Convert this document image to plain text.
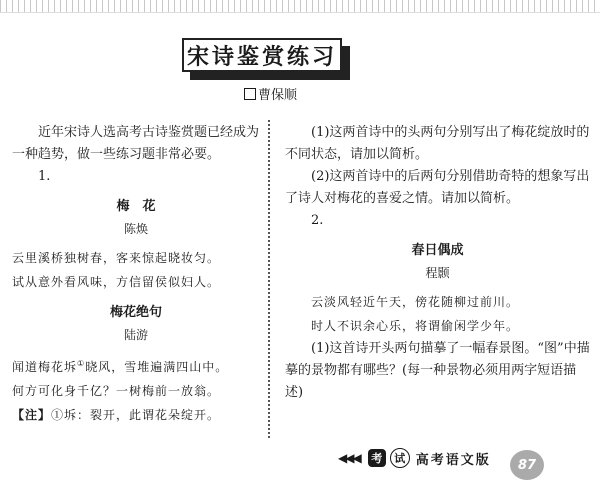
宋诗鉴赏练习
曹保顺

近年宋诗人选高考古诗鉴赏题已经成为一种趋势，做一些练习题非常必要。

1.

梅　花

陈焕

云里溪桥独树春，客来惊起晓妆匀。

试从意外看风味，方信留侯似妇人。

梅花绝句

陆游

闻道梅花坼①晓风，雪堆遍满四山中。

何方可化身千亿？一树梅前一放翁。

【注】①坼：裂开，此谓花朵绽开。

(1)这两首诗中的头两句分别写出了梅花绽放时的不同状态，请加以简析。

(2)这两首诗中的后两句分别借助奇特的想象写出了诗人对梅花的喜爱之情。请加以简析。

2.

春日偶成

程颢

云淡风轻近午天，傍花随柳过前川。

时人不识余心乐，将谓偷闲学少年。

(1)这首诗开头两句描摹了一幅春景图。“图”中描摹的景物都有哪些？(每一种景物必须用两字短语描述)

◀◀◀	考	试 高考语文版	87
